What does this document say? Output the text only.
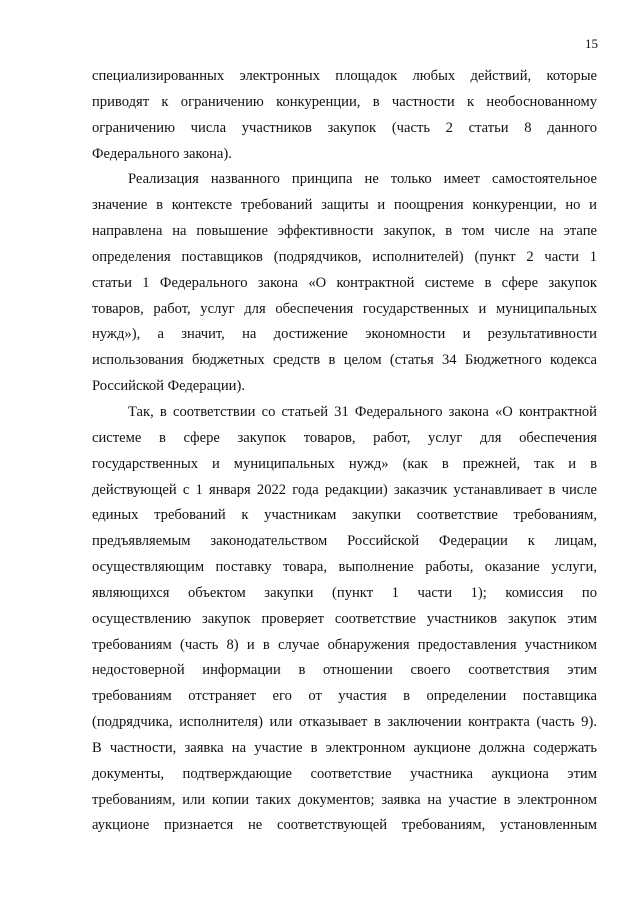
15
специализированных электронных площадок любых действий, которые
приводят к ограничению конкуренции, в частности к необоснованному
ограничению числа участников закупок (часть 2 статьи 8 данного
Федерального закона).
Реализация названного принципа не только имеет самостоятельное
значение в контексте требований защиты и поощрения конкуренции, но и
направлена на повышение эффективности закупок, в том числе на этапе
определения поставщиков (подрядчиков, исполнителей) (пункт 2 части 1
статьи 1 Федерального закона «О контрактной системе в сфере закупок
товаров, работ, услуг для обеспечения государственных и муниципальных
нужд»), а значит, на достижение экономности и результативности
использования бюджетных средств в целом (статья 34 Бюджетного кодекса
Российской Федерации).
Так, в соответствии со статьей 31 Федерального закона «О контрактной
системе в сфере закупок товаров, работ, услуг для обеспечения
государственных и муниципальных нужд» (как в прежней, так и в
действующей с 1 января 2022 года редакции) заказчик устанавливает в числе
единых требований к участникам закупки соответствие требованиям,
предъявляемым законодательством Российской Федерации к лицам,
осуществляющим поставку товара, выполнение работы, оказание услуги,
являющихся объектом закупки (пункт 1 части 1); комиссия по
осуществлению закупок проверяет соответствие участников закупок этим
требованиям (часть 8) и в случае обнаружения предоставления участником
недостоверной информации в отношении своего соответствия этим
требованиям отстраняет его от участия в определении поставщика
(подрядчика, исполнителя) или отказывает в заключении контракта (часть 9).
В частности, заявка на участие в электронном аукционе должна содержать
документы, подтверждающие соответствие участника аукциона этим
требованиям, или копии таких документов; заявка на участие в электронном
аукционе признается не соответствующей требованиям, установленным
